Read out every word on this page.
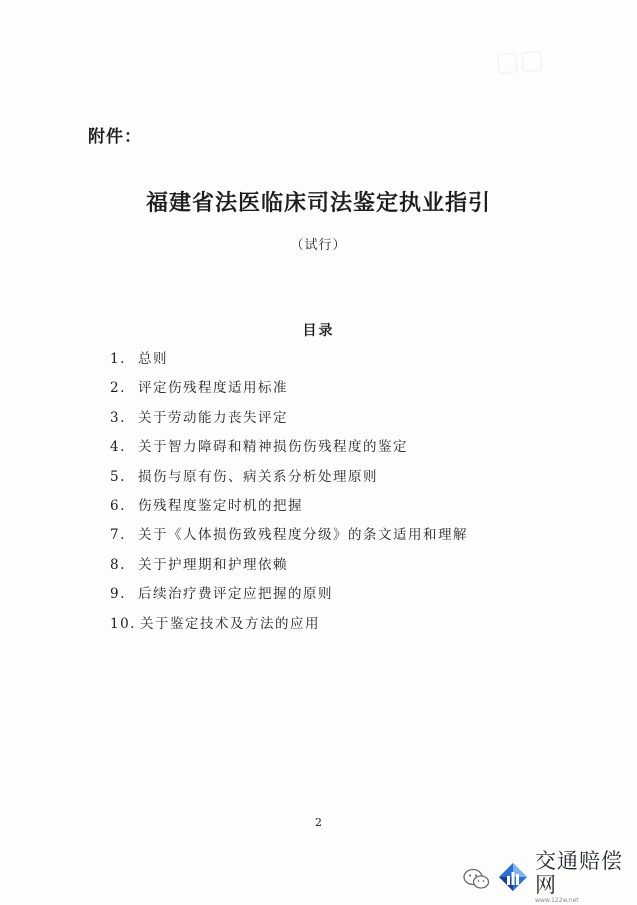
▢▢
附件：
福建省法医临床司法鉴定执业指引
（试行）
目录
1. 总则
2. 评定伤残程度适用标准
3. 关于劳动能力丧失评定
4. 关于智力障碍和精神损伤伤残程度的鉴定
5. 损伤与原有伤、病关系分析处理原则
6. 伤残程度鉴定时机的把握
7. 关于《人体损伤致残程度分级》的条文适用和理解
8. 关于护理期和护理依赖
9. 后续治疗费评定应把握的原则
10. 关于鉴定技术及方法的应用
2
交通赔偿网
www.122w.net
